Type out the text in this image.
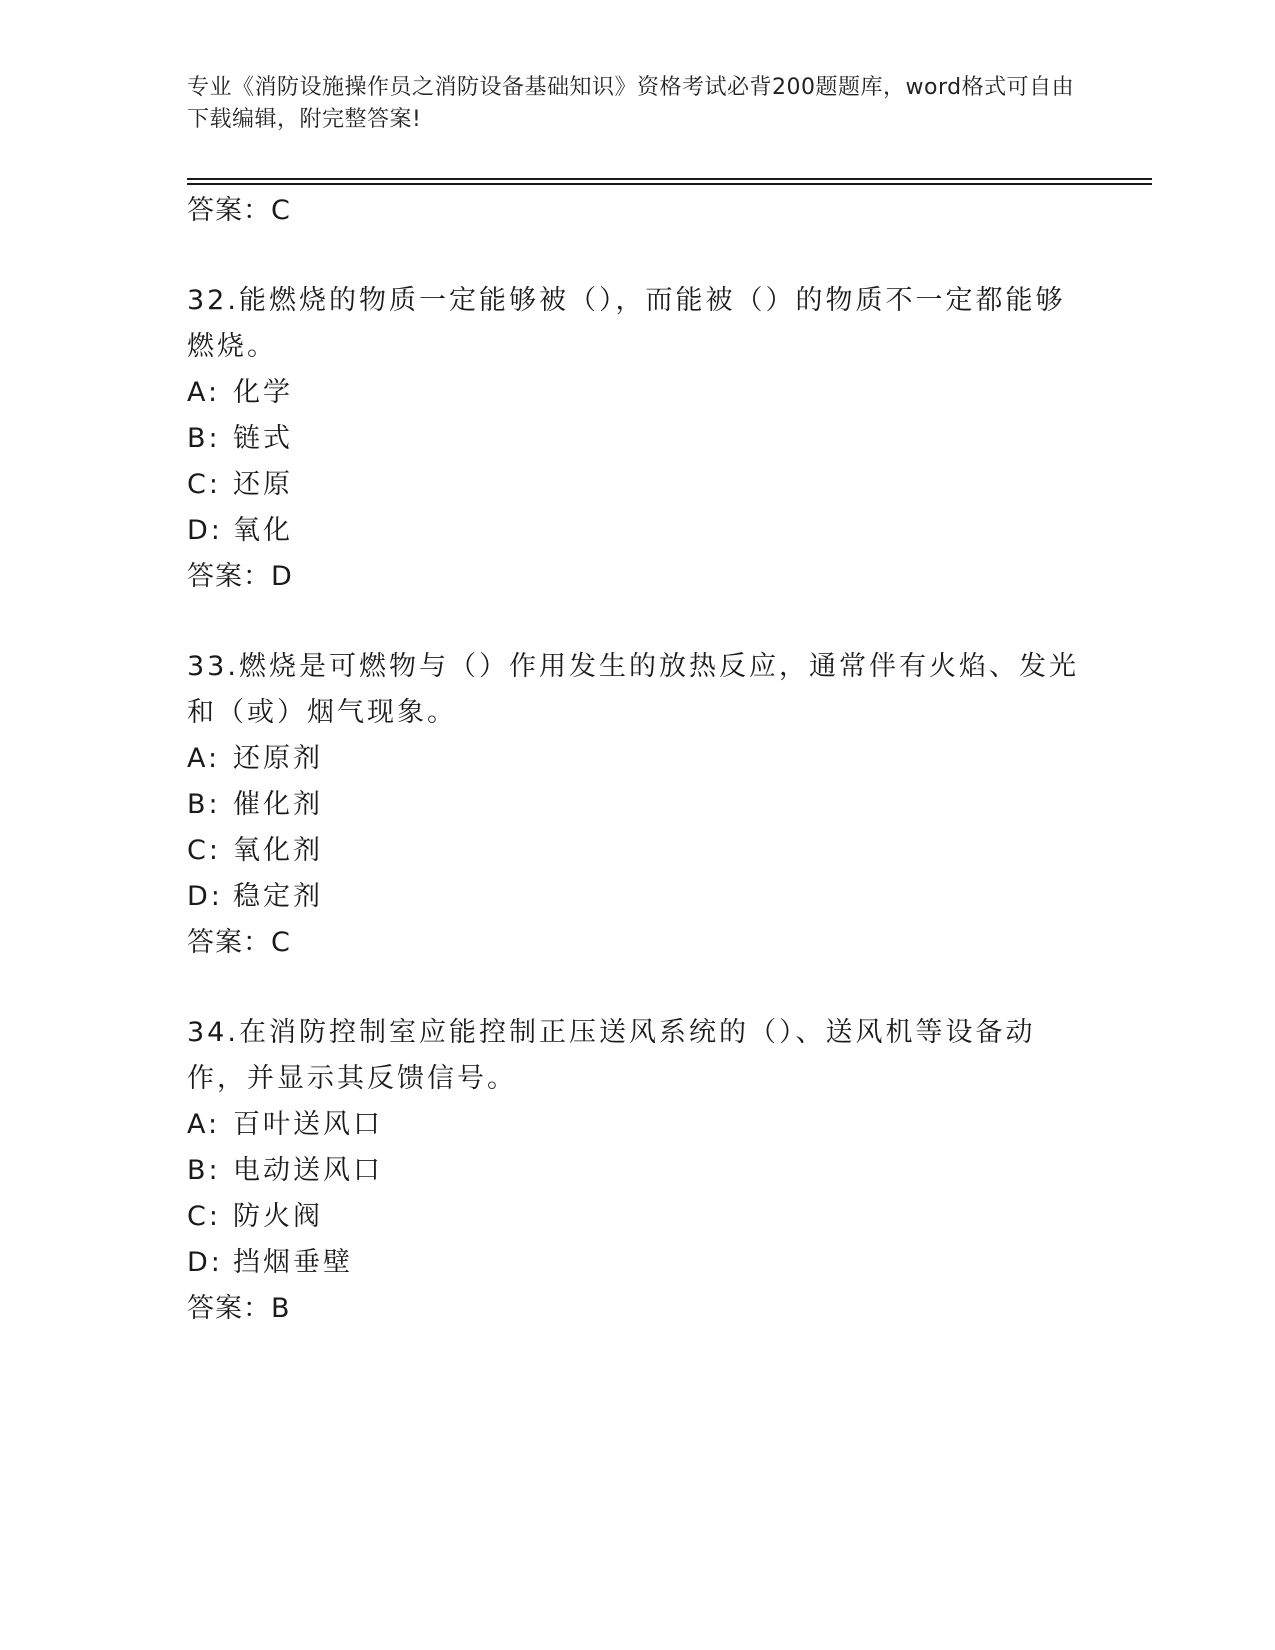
专业《消防设施操作员之消防设备基础知识》资格考试必背200题题库，word格式可自由下载编辑，附完整答案!
答案：C

32.能燃烧的物质一定能够被（），而能被（）的物质不一定都能够燃烧。

A: 化学
B: 链式
C: 还原
D: 氧化
答案：D

33.燃烧是可燃物与（）作用发生的放热反应，通常伴有火焰、发光和（或）烟气现象。

A: 还原剂
B: 催化剂
C: 氧化剂
D: 稳定剂
答案：C

34.在消防控制室应能控制正压送风系统的（）、送风机等设备动作，并显示其反馈信号。

A: 百叶送风口
B: 电动送风口
C: 防火阀
D: 挡烟垂壁
答案：B
